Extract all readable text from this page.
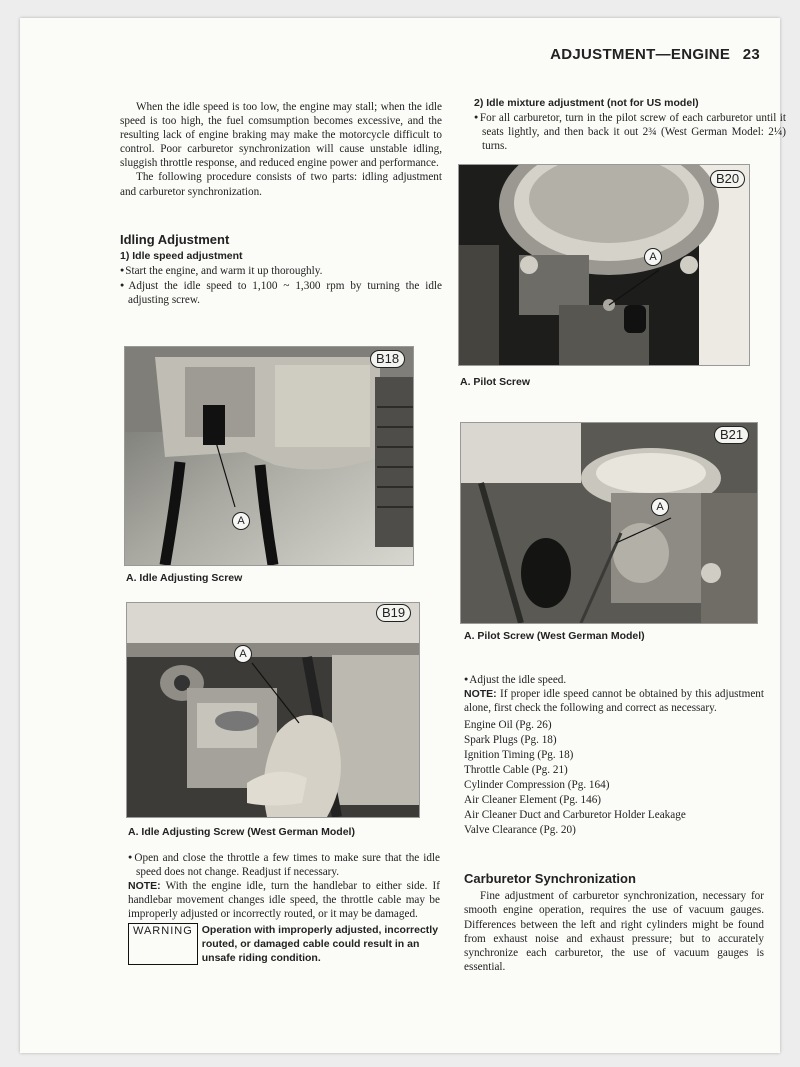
ADJUSTMENT—ENGINE 23

When the idle speed is too low, the engine may stall; when the idle speed is too high, the fuel comsumption becomes excessive, and the resulting lack of engine braking may make the motorcycle difficult to control. Poor carburetor synchronization will cause unstable idling, sluggish throttle response, and reduced engine power and performance.

The following procedure consists of two parts: idling adjustment and carburetor synchronization.

Idling Adjustment

1) Idle speed adjustment

● Start the engine, and warm it up thoroughly.

● Adjust the idle speed to 1,100 ~ 1,300 rpm by turning the idle adjusting screw.

B18
A
A. Idle Adjusting Screw
B19
A
A. Idle Adjusting Screw (West German Model)

● Open and close the throttle a few times to make sure that the idle speed does not change. Readjust if necessary.

NOTE: With the engine idle, turn the handlebar to either side. If handlebar movement changes idle speed, the throttle cable may be improperly adjusted or incorrectly routed, or it may be damaged.

WARNING Operation with improperly adjusted, incorrectly routed, or damaged cable could result in an unsafe riding condition.

2) Idle mixture adjustment (not for US model)

● For all carburetor, turn in the pilot screw of each carburetor until it seats lightly, and then back it out 2¾ (West German Model: 2¼) turns.

B20
A
A. Pilot Screw
B21
A
A. Pilot Screw (West German Model)

● Adjust the idle speed.

NOTE: If proper idle speed cannot be obtained by this adjustment alone, first check the following and correct as necessary.

Engine Oil (Pg. 26)

Spark Plugs (Pg. 18)

Ignition Timing (Pg. 18)

Throttle Cable (Pg. 21)

Cylinder Compression (Pg. 164)

Air Cleaner Element (Pg. 146)

Air Cleaner Duct and Carburetor Holder Leakage

Valve Clearance (Pg. 20)

Carburetor Synchronization

Fine adjustment of carburetor synchronization, necessary for smooth engine operation, requires the use of vacuum gauges. Differences between the left and right cylinders might be found from exhaust noise and exhaust pressure; but to accurately synchronize each carburetor, the use of vacuum gauges is essential.
